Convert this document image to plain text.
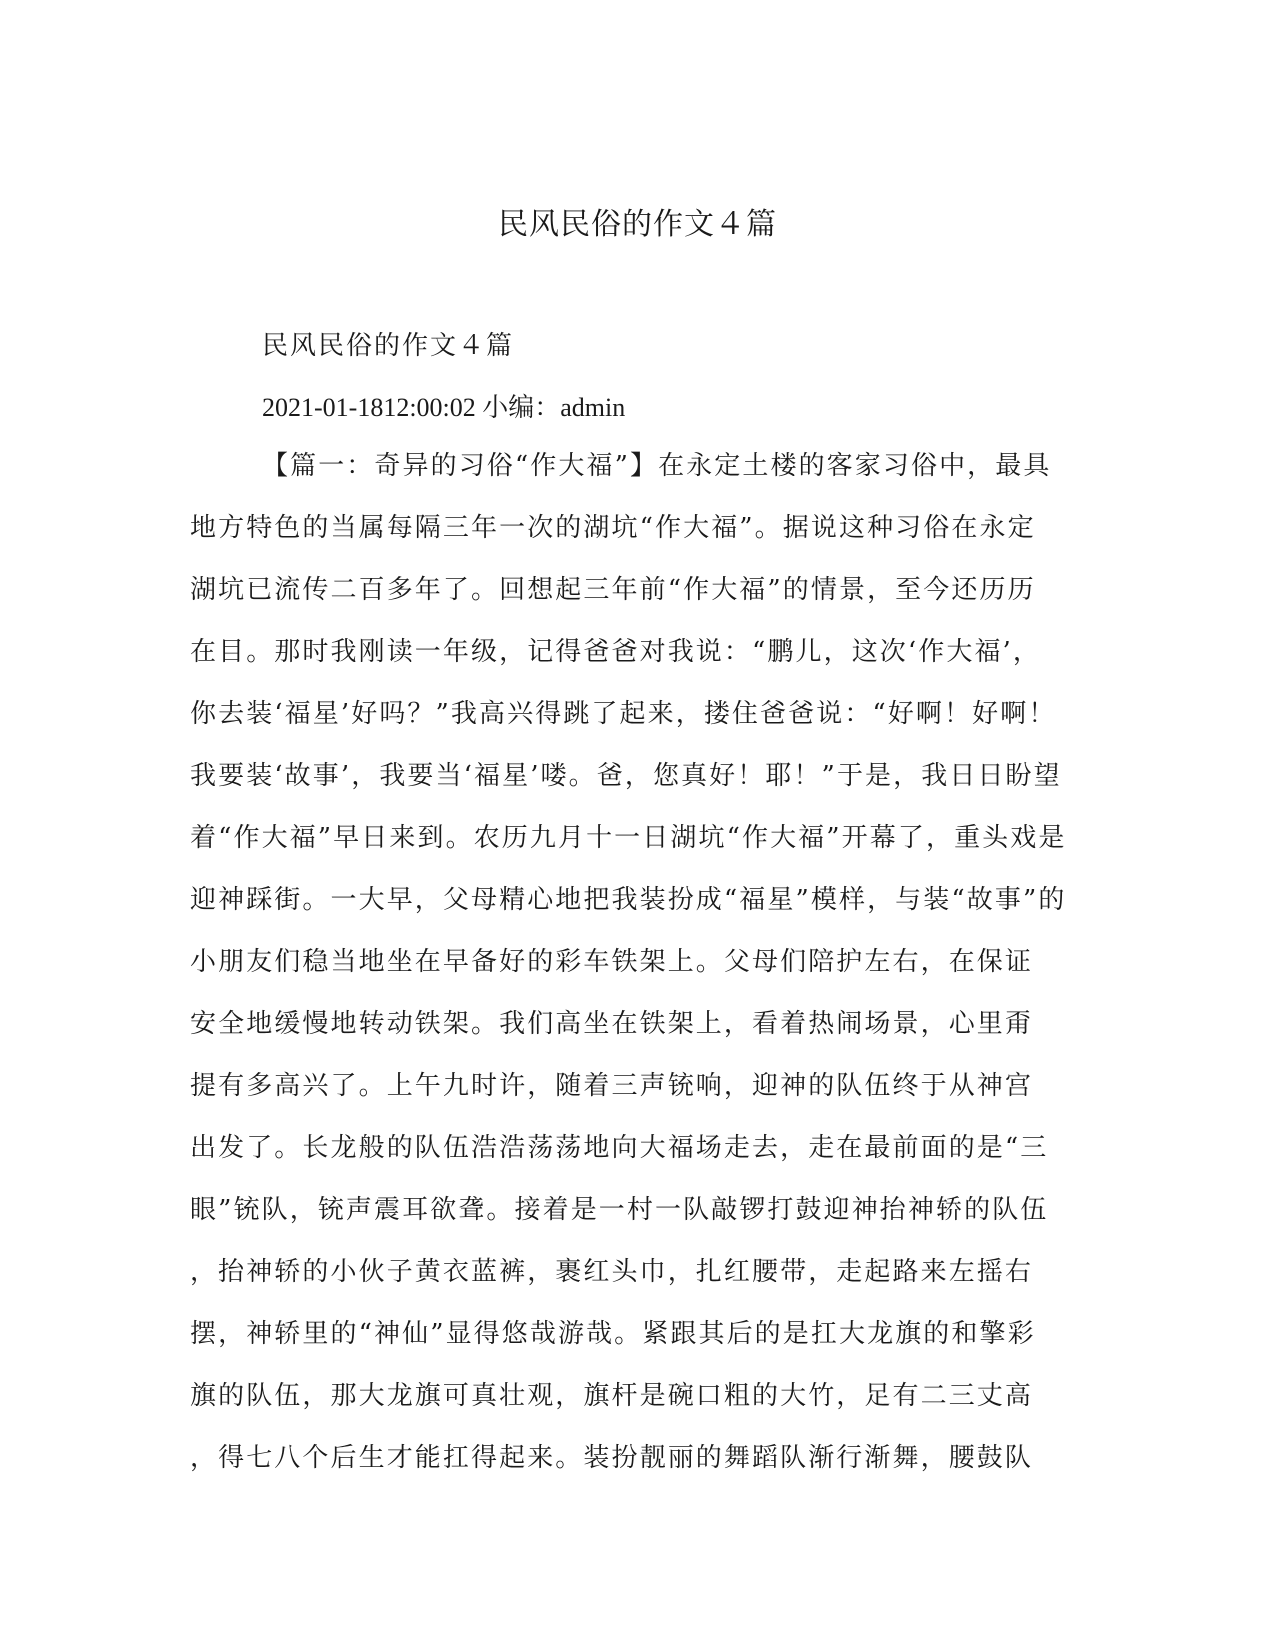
民风民俗的作文４篇

民风民俗的作文４篇

2021-01-1812:00:02 小编：admin

【篇一：奇异的习俗“作大福”】在永定土楼的客家习俗中，最具
地方特色的当属每隔三年一次的湖坑“作大福”。据说这种习俗在永定
湖坑已流传二百多年了。回想起三年前“作大福”的情景，至今还历历
在目。那时我刚读一年级，记得爸爸对我说：“鹏儿，这次‘作大福’，
你去装‘福星’好吗？”我高兴得跳了起来，搂住爸爸说：“好啊！好啊！
我要装‘故事’，我要当‘福星’喽。爸，您真好！耶！”于是，我日日盼望
着“作大福”早日来到。农历九月十一日湖坑“作大福”开幕了，重头戏是
迎神踩街。一大早，父母精心地把我装扮成“福星”模样，与装“故事”的
小朋友们稳当地坐在早备好的彩车铁架上。父母们陪护左右，在保证
安全地缓慢地转动铁架。我们高坐在铁架上，看着热闹场景，心里甭
提有多高兴了。上午九时许，随着三声铳响，迎神的队伍终于从神宫
出发了。长龙般的队伍浩浩荡荡地向大福场走去，走在最前面的是“三
眼”铳队，铳声震耳欲聋。接着是一村一队敲锣打鼓迎神抬神轿的队伍
，抬神轿的小伙子黄衣蓝裤，裹红头巾，扎红腰带，走起路来左摇右
摆，神轿里的“神仙”显得悠哉游哉。紧跟其后的是扛大龙旗的和擎彩
旗的队伍，那大龙旗可真壮观，旗杆是碗口粗的大竹，足有二三丈高
，得七八个后生才能扛得起来。装扮靓丽的舞蹈队渐行渐舞，腰鼓队
